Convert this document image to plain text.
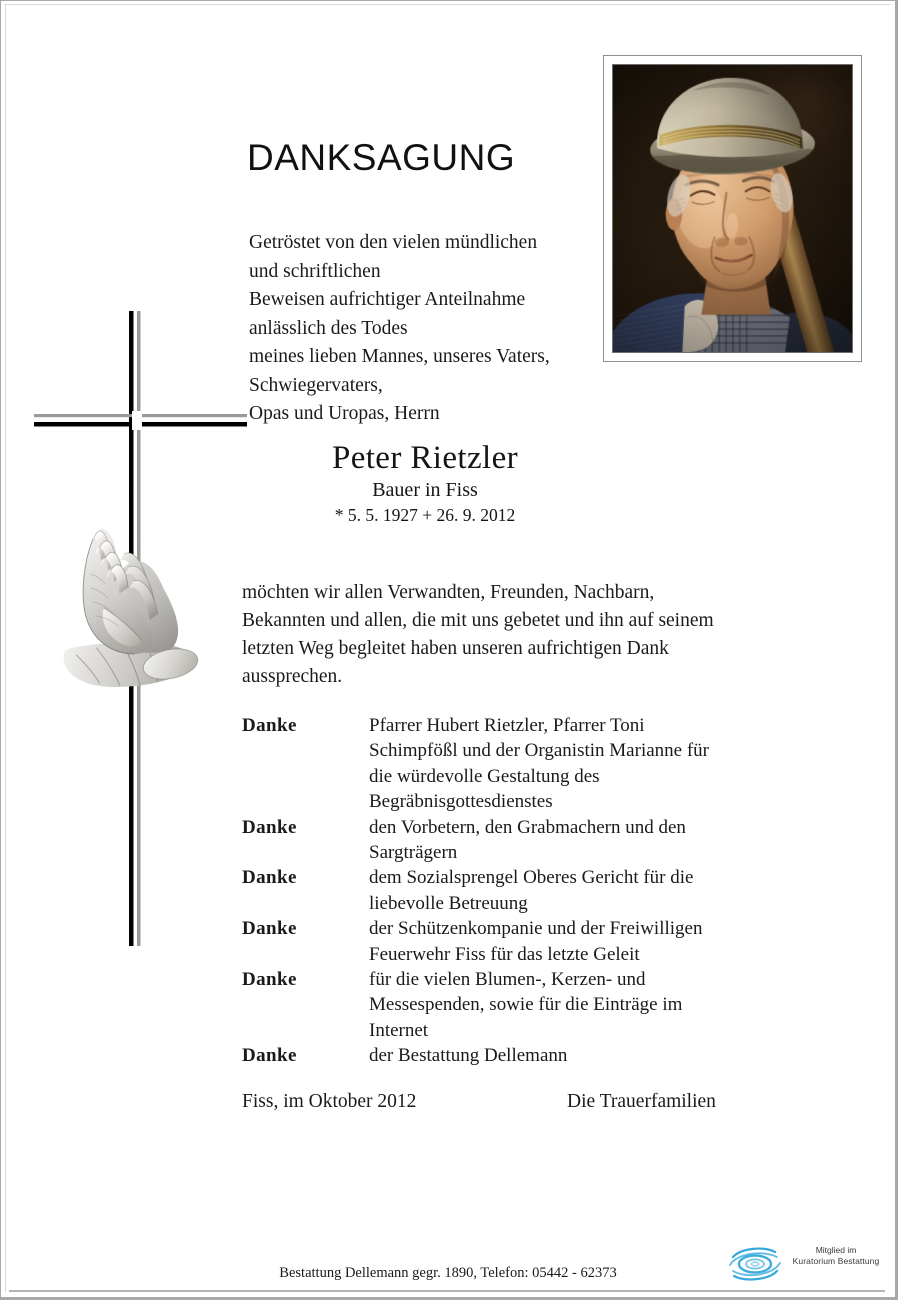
DANKSAGUNG
Getröstet von den vielen mündlichen
und schriftlichen
Beweisen aufrichtiger Anteilnahme
anlässlich des Todes
meines lieben Mannes, unseres Vaters,
Schwiegervaters,
Opas und Uropas, Herrn
Peter Rietzler
Bauer in Fiss
* 5. 5. 1927 + 26. 9. 2012
möchten wir allen Verwandten, Freunden, Nachbarn,
Bekannten und allen, die mit uns gebetet und ihn auf seinem
letzten Weg begleitet haben unseren aufrichtigen Dank
aussprechen.
Danke	Pfarrer Hubert Rietzler, Pfarrer Toni
Schimpfößl und der Organistin Marianne für
die würdevolle Gestaltung des
Begräbnisgottesdienstes
Danke	den Vorbetern, den Grabmachern und den
Sargträgern
Danke	dem Sozialsprengel Oberes Gericht für die
liebevolle Betreuung
Danke	der Schützenkompanie und der Freiwilligen
Feuerwehr Fiss für das letzte Geleit
Danke	für die vielen Blumen-, Kerzen- und
Messespenden, sowie für die Einträge im
Internet
Danke	der Bestattung Dellemann
Fiss, im Oktober 2012	Die Trauerfamilien
Bestattung Dellemann gegr. 1890, Telefon: 05442 - 62373
Mitglied im
Kuratorium Bestattung
